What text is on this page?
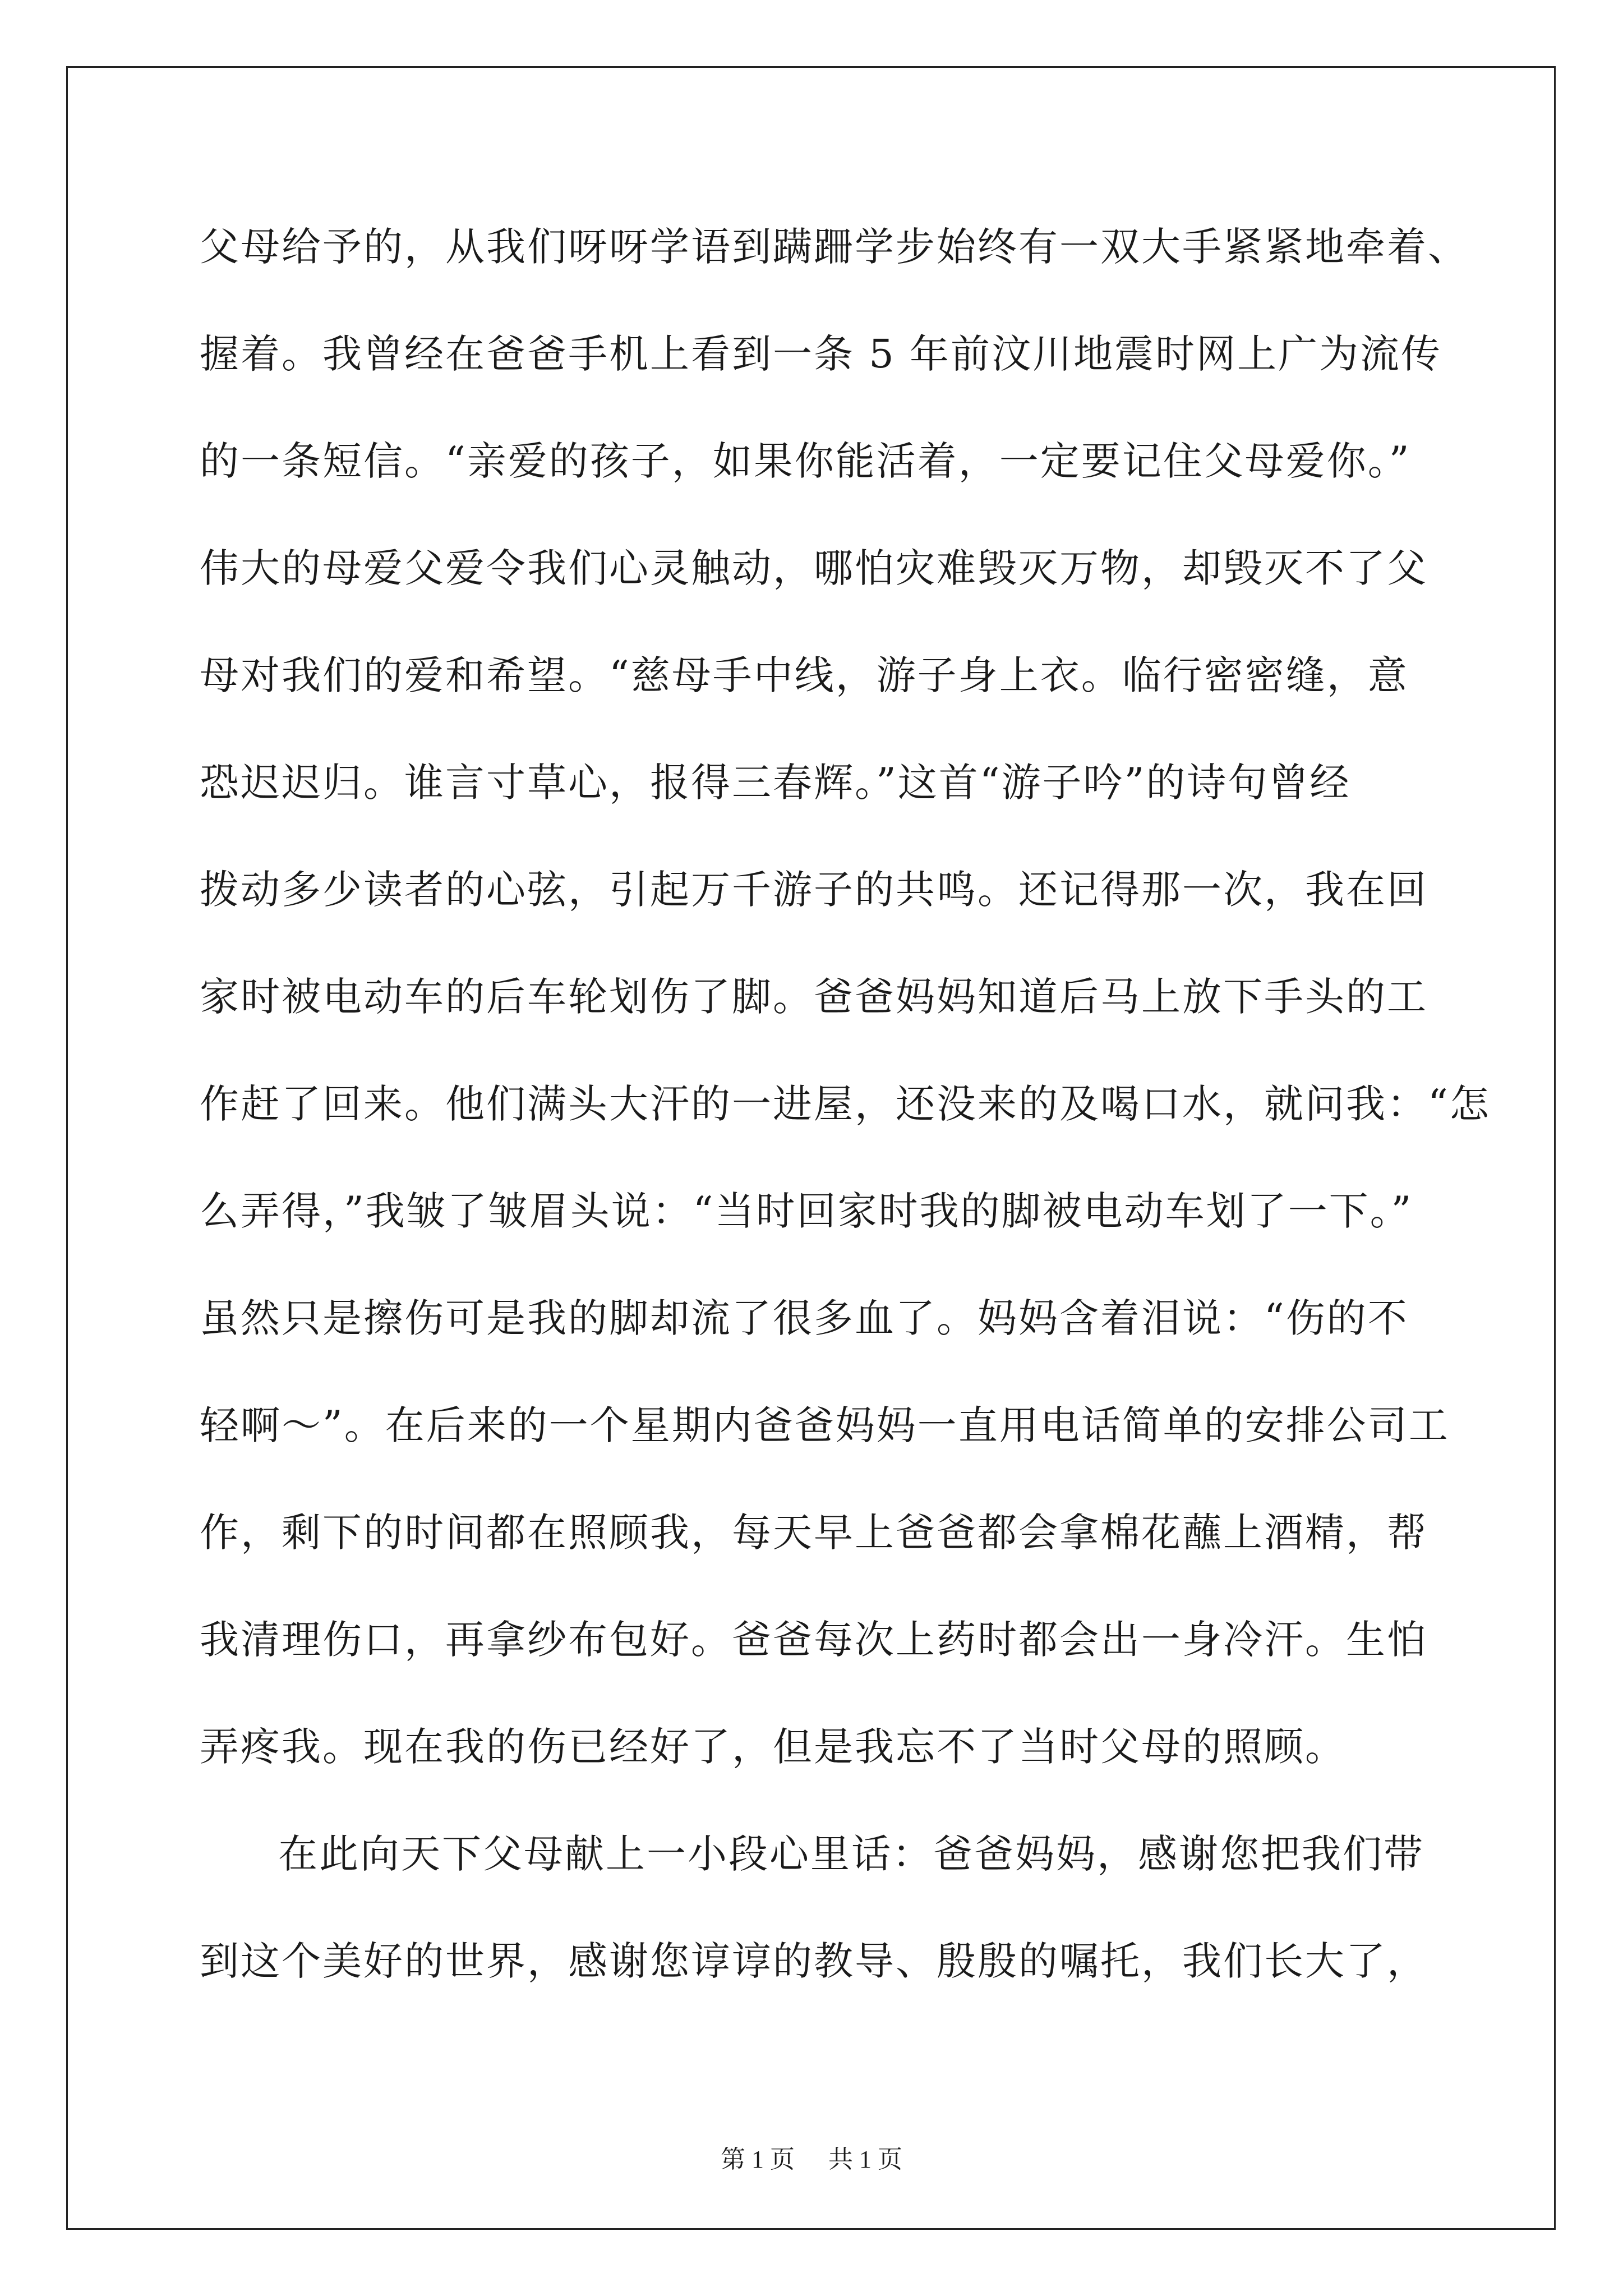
父母给予的，从我们呀呀学语到蹒跚学步始终有一双大手紧紧地牵着、

握着。我曾经在爸爸手机上看到一条 5 年前汶川地震时网上广为流传

的一条短信。“亲爱的孩子，如果你能活着，一定要记住父母爱你。”

伟大的母爱父爱令我们心灵触动，哪怕灾难毁灭万物，却毁灭不了父

母对我们的爱和希望。“慈母手中线，游子身上衣。临行密密缝，意

恐迟迟归。谁言寸草心，报得三春辉。”这首“游子吟”的诗句曾经

拨动多少读者的心弦，引起万千游子的共鸣。还记得那一次，我在回

家时被电动车的后车轮划伤了脚。爸爸妈妈知道后马上放下手头的工

作赶了回来。他们满头大汗的一进屋，还没来的及喝口水，就问我：“怎

么弄得，”我皱了皱眉头说：“当时回家时我的脚被电动车划了一下。”

虽然只是擦伤可是我的脚却流了很多血了。妈妈含着泪说：“伤的不

轻啊～”。在后来的一个星期内爸爸妈妈一直用电话简单的安排公司工

作，剩下的时间都在照顾我，每天早上爸爸都会拿棉花蘸上酒精，帮

我清理伤口，再拿纱布包好。爸爸每次上药时都会出一身冷汗。生怕

弄疼我。现在我的伤已经好了，但是我忘不了当时父母的照顾。

在此向天下父母献上一小段心里话：爸爸妈妈，感谢您把我们带

到这个美好的世界，感谢您谆谆的教导、殷殷的嘱托，我们长大了，

第 1 页 共 1 页
